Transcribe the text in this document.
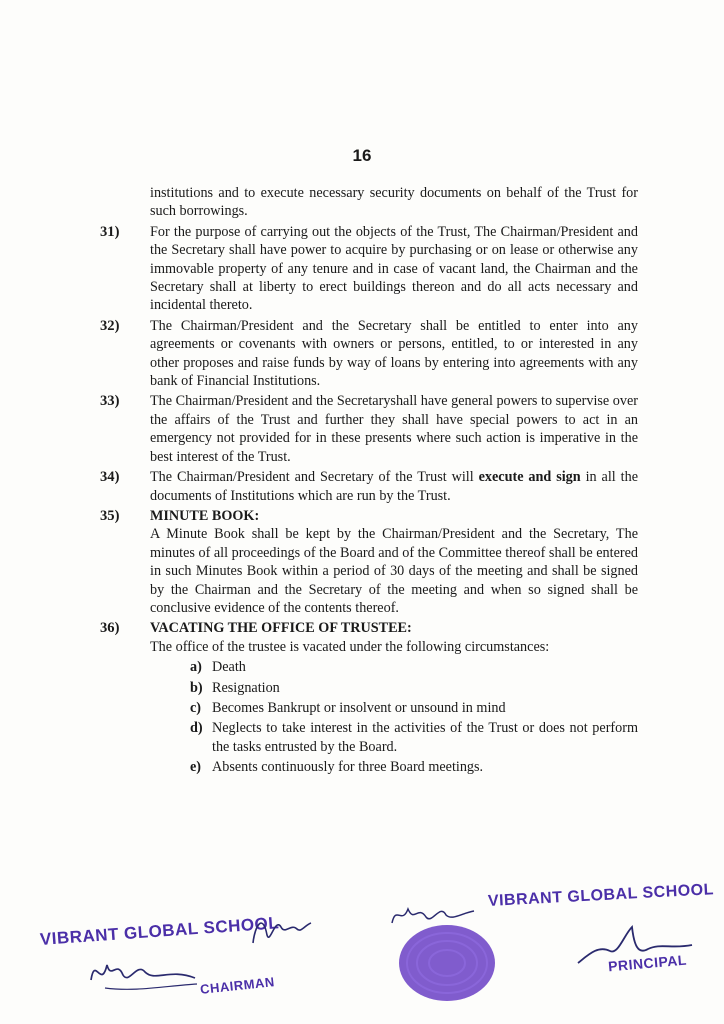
16

institutions and to execute necessary security documents on behalf of the Trust for such borrowings.

31) For the purpose of carrying out the objects of the Trust, The Chairman/President and the Secretary shall have power to acquire by purchasing or on lease or otherwise any immovable property of any tenure and in case of vacant land, the Chairman and the Secretary shall at liberty to erect buildings thereon and do all acts necessary and incidental thereto.
32) The Chairman/President and the Secretary shall be entitled to enter into any agreements or covenants with owners or persons, entitled, to or interested in any other proposes and raise funds by way of loans by entering into agreements with any bank of Financial Institutions.
33) The Chairman/President and the Secretaryshall have general powers to supervise over the affairs of the Trust and further they shall have special powers to act in an emergency not provided for in these presents where such action is imperative in the best interest of the Trust.
34) The Chairman/President and Secretary of the Trust will execute and sign in all the documents of Institutions which are run by the Trust.
35) MINUTE BOOK:
A Minute Book shall be kept by the Chairman/President and the Secretary, The minutes of all proceedings of the Board and of the Committee thereof shall be entered in such Minutes Book within a period of 30 days of the meeting and shall be signed by the Chairman and the Secretary of the meeting and when so signed shall be conclusive evidence of the contents thereof.
36) VACATING THE OFFICE OF TRUSTEE:
The office of the trustee is vacated under the following circumstances:
a) Death
b) Resignation
c) Becomes Bankrupt or insolvent or unsound in mind
d) Neglects to take interest in the activities of the Trust or does not perform the tasks entrusted by the Board.
e) Absents continuously for three Board meetings.
VIBRANT GLOBAL SCHOOL
CHAIRMAN
VIBRANT GLOBAL SCHOOL
PRINCIPAL
